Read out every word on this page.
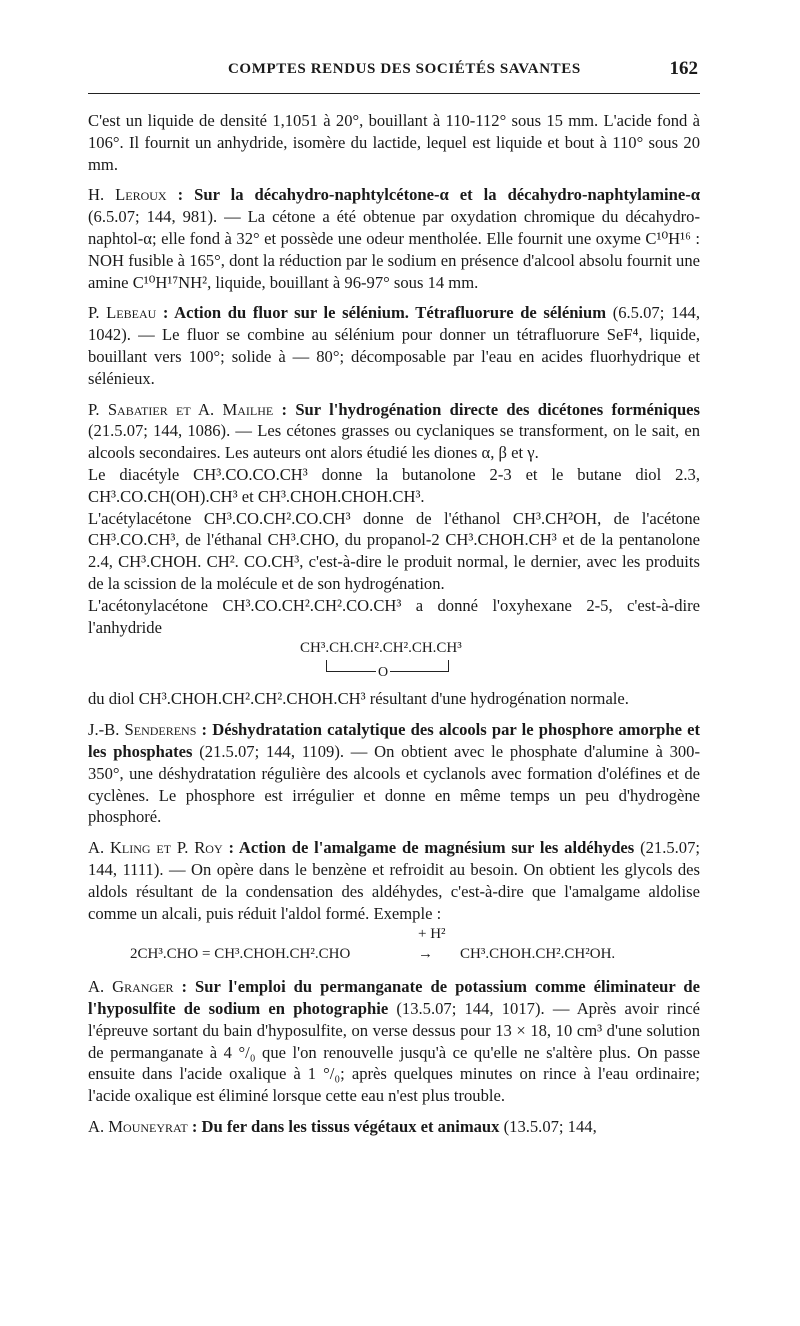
COMPTES RENDUS DES SOCIÉTÉS SAVANTES	162

C'est un liquide de densité 1,1051 à 20°, bouillant à 110-112° sous 15 mm. L'acide fond à 106°. Il fournit un anhydride, isomère du lactide, lequel est liquide et bout à 110° sous 20 mm.

H. Leroux : Sur la décahydro-naphtylcétone-α et la décahydro-naphtylamine-α (6.5.07; 144, 981). — La cétone a été obtenue par oxydation chromique du décahydro-naphtol-α; elle fond à 32° et possède une odeur mentholée. Elle fournit une oxyme C¹⁰H¹⁶ : NOH fusible à 165°, dont la réduction par le sodium en présence d'alcool absolu fournit une amine C¹⁰H¹⁷NH², liquide, bouillant à 96-97° sous 14 mm.

P. Lebeau : Action du fluor sur le sélénium. Tétrafluorure de sélénium (6.5.07; 144, 1042). — Le fluor se combine au sélénium pour donner un tétrafluorure SeF⁴, liquide, bouillant vers 100°; solide à — 80°; décomposable par l'eau en acides fluorhydrique et sélénieux.

P. Sabatier et A. Mailhe : Sur l'hydrogénation directe des dicétones forméniques (21.5.07; 144, 1086). — Les cétones grasses ou cyclaniques se transforment, on le sait, en alcools secondaires. Les auteurs ont alors étudié les diones α, β et γ.

Le diacétyle CH³.CO.CO.CH³ donne la butanolone 2-3 et le butane diol 2.3, CH³.CO.CH(OH).CH³ et CH³.CHOH.CHOH.CH³.

L'acétylacétone CH³.CO.CH².CO.CH³ donne de l'éthanol CH³.CH²OH, de l'acétone CH³.CO.CH³, de l'éthanal CH³.CHO, du propanol-2 CH³.CHOH.CH³ et de la pentanolone 2.4, CH³.CHOH. CH². CO.CH³, c'est-à-dire le produit normal, le dernier, avec les produits de la scission de la molécule et de son hydrogénation.

L'acétonylacétone CH³.CO.CH².CH².CO.CH³ a donné l'oxyhexane 2-5, c'est-à-dire l'anhydride

CH³.CH.CH².CH².CH.CH³
O

du diol CH³.CHOH.CH².CH².CHOH.CH³ résultant d'une hydrogénation normale.

J.-B. Senderens : Déshydratation catalytique des alcools par le phosphore amorphe et les phosphates (21.5.07; 144, 1109). — On obtient avec le phosphate d'alumine à 300-350°, une déshydratation régulière des alcools et cyclanols avec formation d'oléfines et de cyclènes. Le phosphore est irrégulier et donne en même temps un peu d'hydrogène phosphoré.

A. Kling et P. Roy : Action de l'amalgame de magnésium sur les aldéhydes (21.5.07; 144, 1111). — On opère dans le benzène et refroidit au besoin. On obtient les glycols des aldols résultant de la condensation des aldéhydes, c'est-à-dire que l'amalgame aldolise comme un alcali, puis réduit l'aldol formé. Exemple :

2CH³.CHO = CH³.CHOH.CH².CHO
+ H²
→ CH³.CHOH.CH².CH²OH.

A. Granger : Sur l'emploi du permanganate de potassium comme éliminateur de l'hyposulfite de sodium en photographie (13.5.07; 144, 1017). — Après avoir rincé l'épreuve sortant du bain d'hyposulfite, on verse dessus pour 13 × 18, 10 cm³ d'une solution de permanganate à 4 °/₀ que l'on renouvelle jusqu'à ce qu'elle ne s'altère plus. On passe ensuite dans l'acide oxalique à 1 °/₀; après quelques minutes on rince à l'eau ordinaire; l'acide oxalique est éliminé lorsque cette eau n'est plus trouble.

A. Mouneyrat : Du fer dans les tissus végétaux et animaux (13.5.07; 144,
